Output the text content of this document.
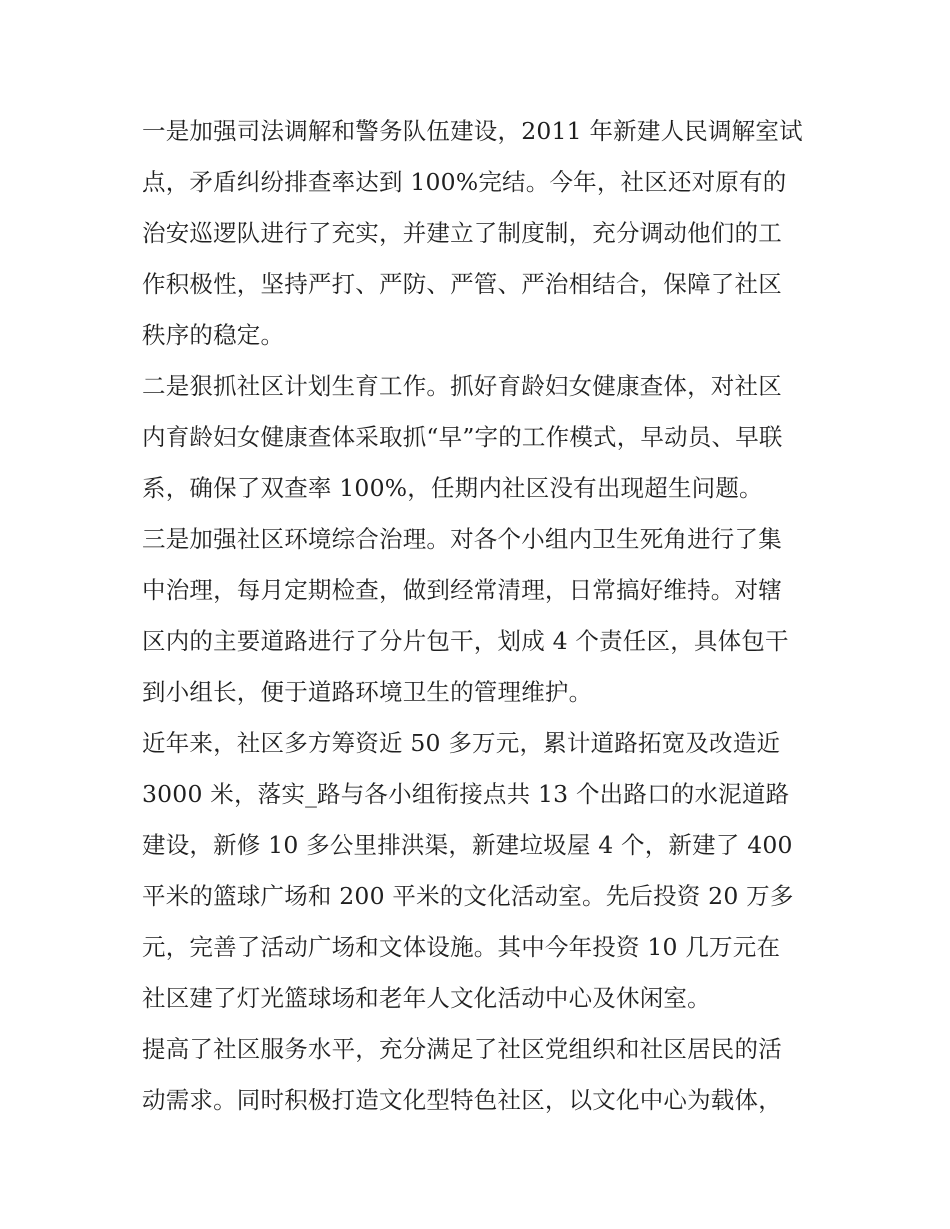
一是加强司法调解和警务队伍建设，2011 年新建人民调解室试
点，矛盾纠纷排查率达到 100%完结。今年，社区还对原有的
治安巡逻队进行了充实，并建立了制度制，充分调动他们的工
作积极性，坚持严打、严防、严管、严治相结合，保障了社区
秩序的稳定。
二是狠抓社区计划生育工作。抓好育龄妇女健康查体，对社区
内育龄妇女健康查体采取抓“早”字的工作模式，早动员、早联
系，确保了双查率 100%，任期内社区没有出现超生问题。
三是加强社区环境综合治理。对各个小组内卫生死角进行了集
中治理，每月定期检查，做到经常清理，日常搞好维持。对辖
区内的主要道路进行了分片包干，划成 4 个责任区，具体包干
到小组长，便于道路环境卫生的管理维护。
近年来，社区多方筹资近 50 多万元，累计道路拓宽及改造近
3000 米，落实_路与各小组衔接点共 13 个出路口的水泥道路
建设，新修 10 多公里排洪渠，新建垃圾屋 4 个，新建了 400
平米的篮球广场和 200 平米的文化活动室。先后投资 20 万多
元，完善了活动广场和文体设施。其中今年投资 10 几万元在
社区建了灯光篮球场和老年人文化活动中心及休闲室。
提高了社区服务水平，充分满足了社区党组织和社区居民的活
动需求。同时积极打造文化型特色社区，以文化中心为载体，
